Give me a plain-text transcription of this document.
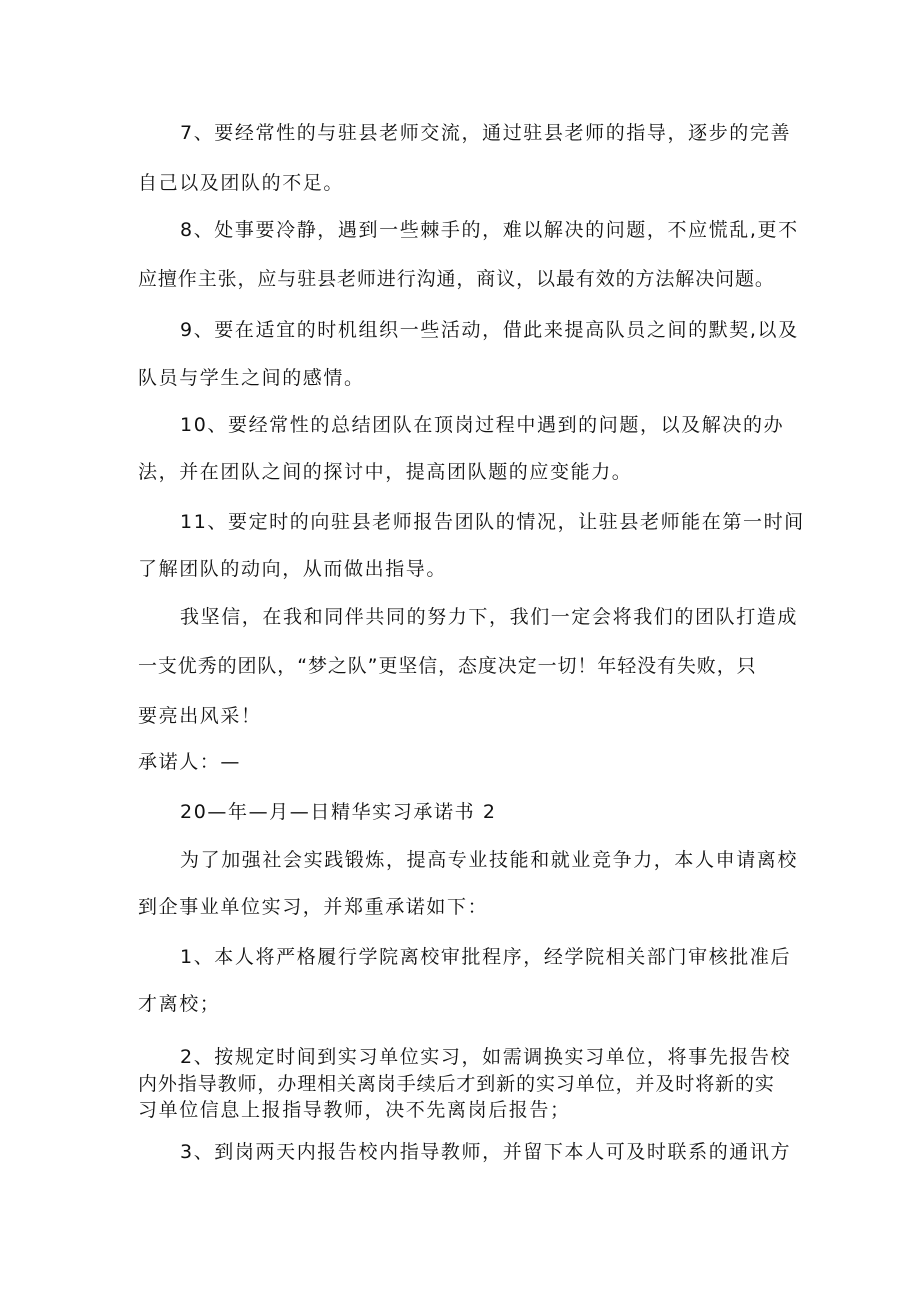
7、要经常性的与驻县老师交流，通过驻县老师的指导，逐步的完善
自己以及团队的不足。
8、处事要冷静，遇到一些棘手的，难以解决的问题，不应慌乱,更不
应擅作主张，应与驻县老师进行沟通，商议，以最有效的方法解决问题。
9、要在适宜的时机组织一些活动，借此来提高队员之间的默契,以及
队员与学生之间的感情。
10、要经常性的总结团队在顶岗过程中遇到的问题，以及解决的办
法，并在团队之间的探讨中，提高团队题的应变能力。
11、要定时的向驻县老师报告团队的情况，让驻县老师能在第一时间
了解团队的动向，从而做出指导。
我坚信，在我和同伴共同的努力下，我们一定会将我们的团队打造成
一支优秀的团队，“梦之队”更坚信，态度决定一切！年轻没有失败，只
要亮出风采！
承诺人：—
20—年—月—日精华实习承诺书 2
为了加强社会实践锻炼，提高专业技能和就业竞争力，本人申请离校
到企事业单位实习，并郑重承诺如下：
1、本人将严格履行学院离校审批程序，经学院相关部门审核批准后
才离校；
2、按规定时间到实习单位实习，如需调换实习单位，将事先报告校
内外指导教师，办理相关离岗手续后才到新的实习单位，并及时将新的实
习单位信息上报指导教师，决不先离岗后报告；
3、到岗两天内报告校内指导教师，并留下本人可及时联系的通讯方
